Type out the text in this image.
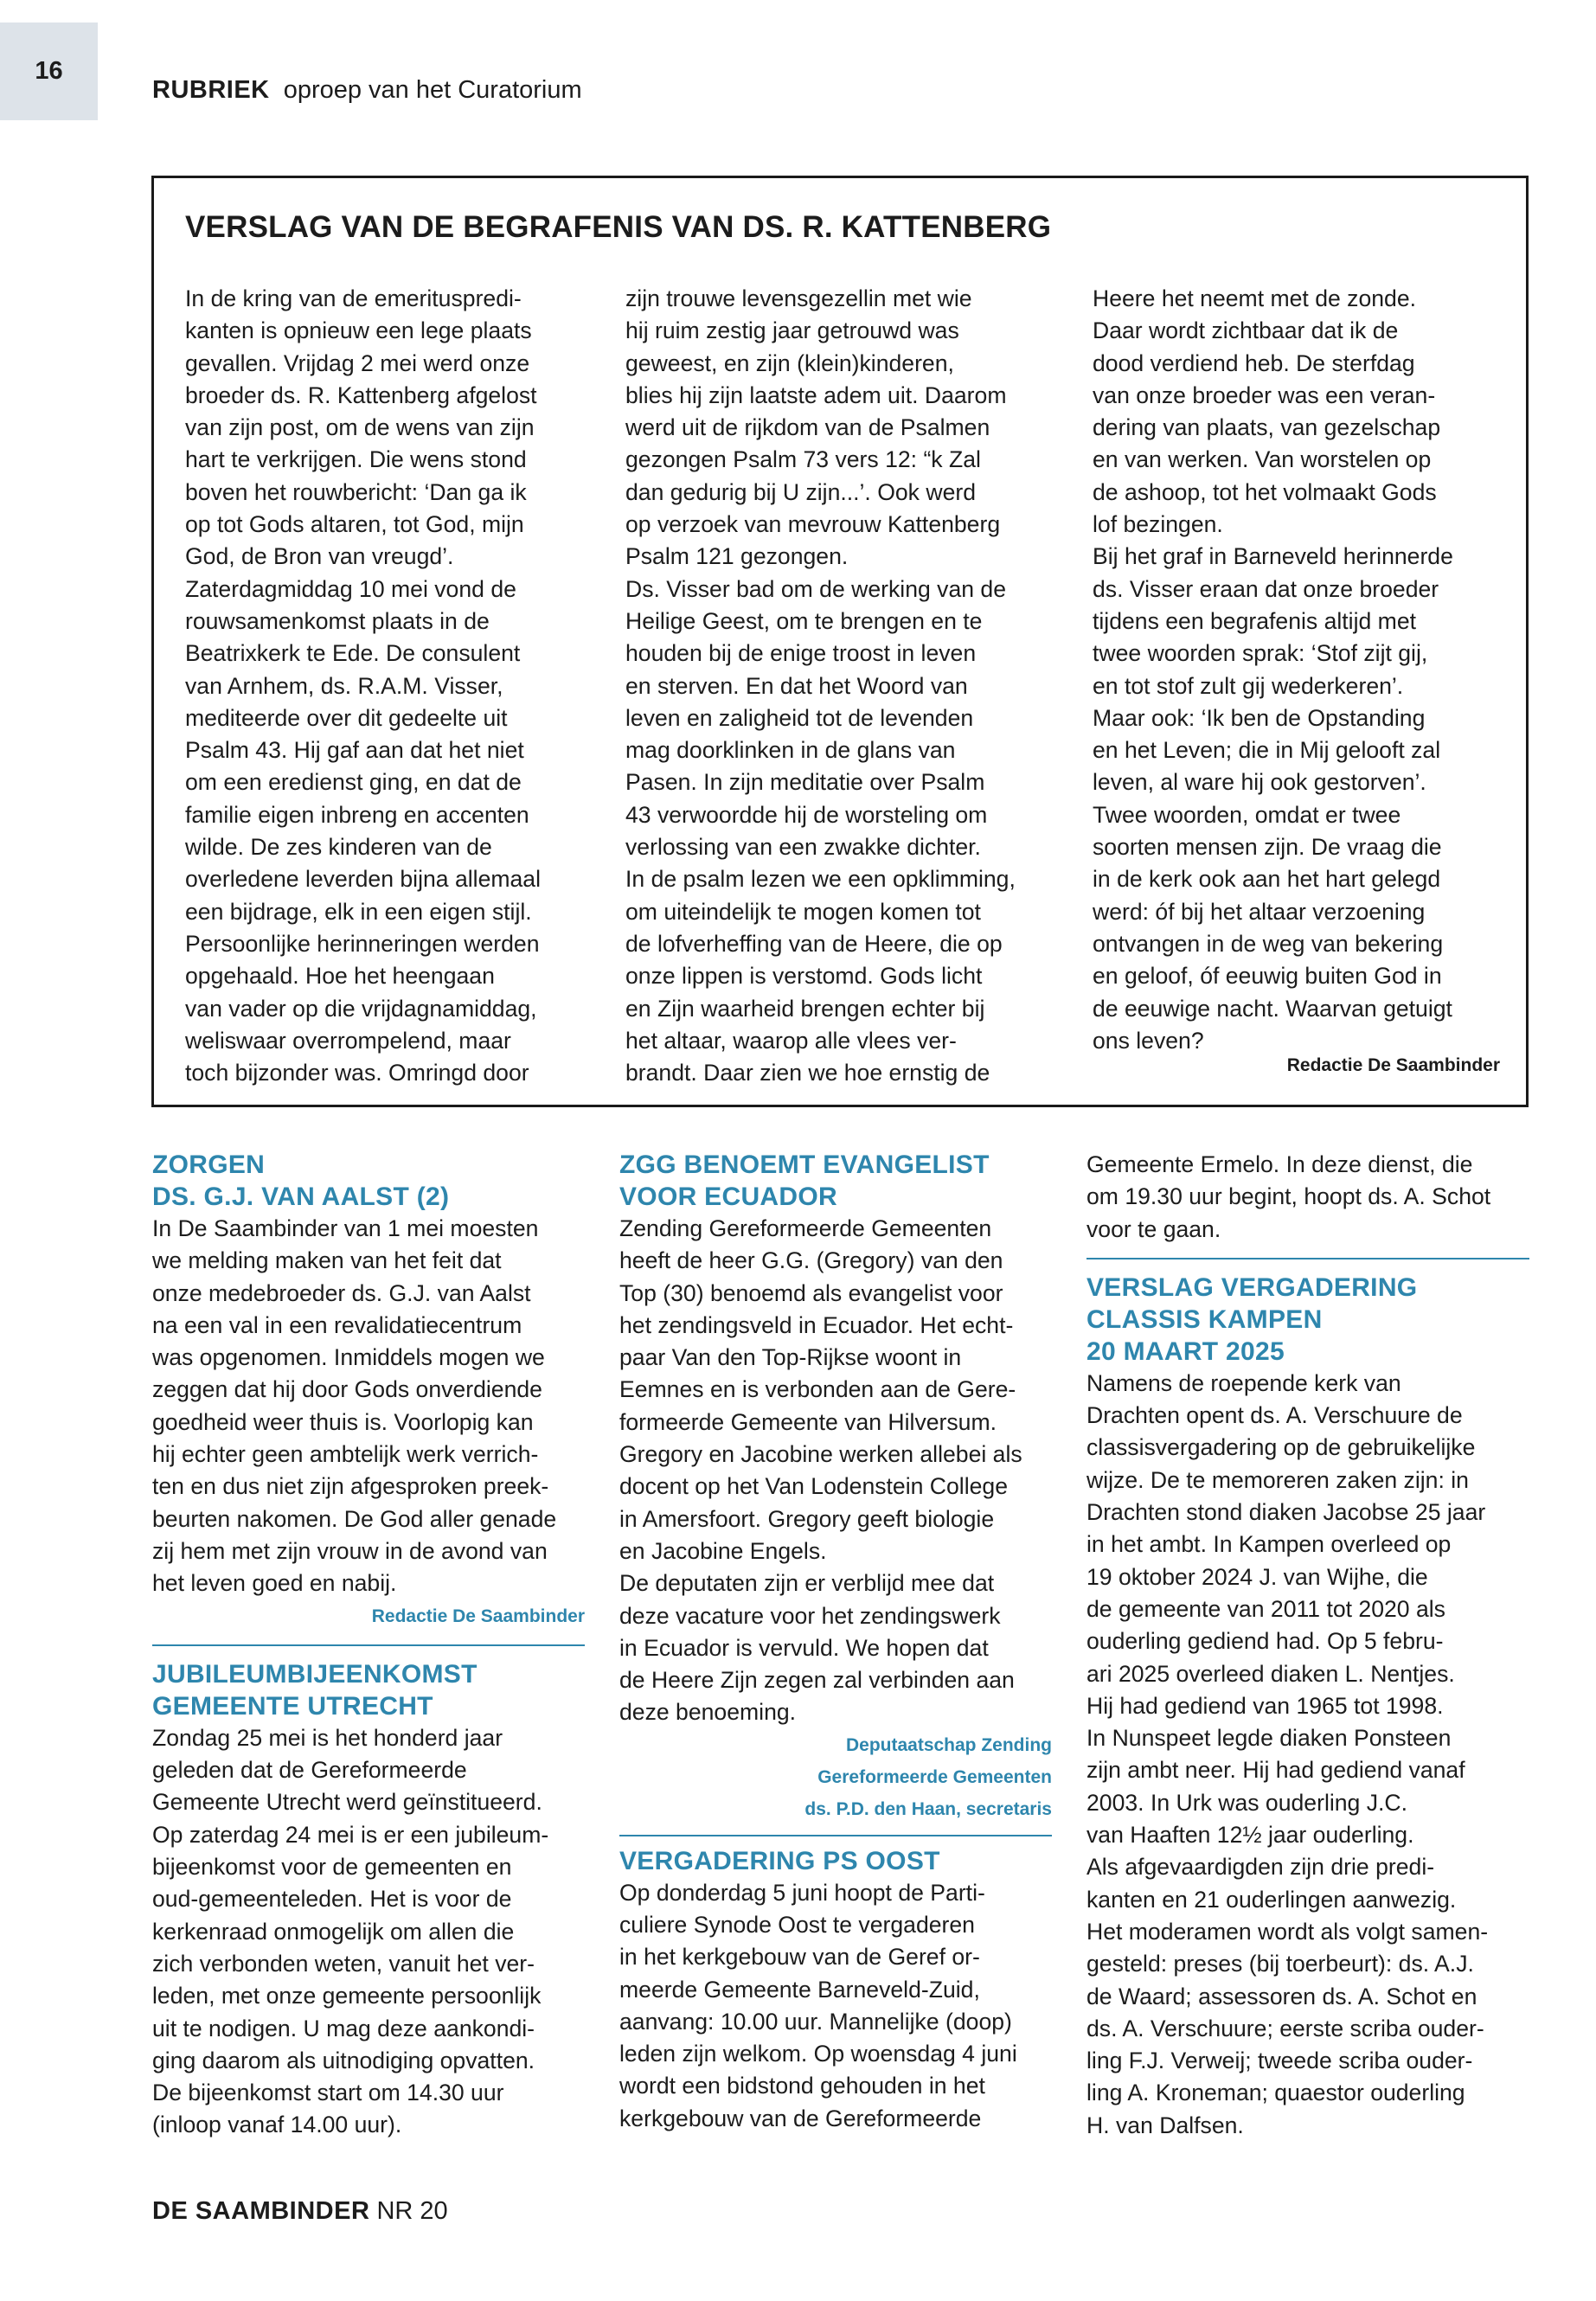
16
RUBRIEK oproep van het Curatorium
VERSLAG VAN DE BEGRAFENIS VAN DS. R. KATTENBERG
In de kring van de emerituspredi-
kanten is opnieuw een lege plaats
gevallen. Vrijdag 2 mei werd onze
broeder ds. R. Kattenberg afgelost
van zijn post, om de wens van zijn
hart te verkrijgen. Die wens stond
boven het rouwbericht: ‘Dan ga ik
op tot Gods altaren, tot God, mijn
God, de Bron van vreugd’.
Zaterdagmiddag 10 mei vond de
rouwsamenkomst plaats in de
Beatrixkerk te Ede. De consulent
van Arnhem, ds. R.A.M. Visser,
mediteerde over dit gedeelte uit
Psalm 43. Hij gaf aan dat het niet
om een eredienst ging, en dat de
familie eigen inbreng en accenten
wilde. De zes kinderen van de
overledene leverden bijna allemaal
een bijdrage, elk in een eigen stijl.
Persoonlijke herinneringen werden
opgehaald. Hoe het heengaan
van vader op die vrijdagnamiddag,
weliswaar overrompelend, maar
toch bijzonder was. Omringd door
zijn trouwe levensgezellin met wie
hij ruim zestig jaar getrouwd was
geweest, en zijn (klein)kinderen,
blies hij zijn laatste adem uit. Daarom
werd uit de rijkdom van de Psalmen
gezongen Psalm 73 vers 12: “k Zal
dan gedurig bij U zijn...’. Ook werd
op verzoek van mevrouw Kattenberg
Psalm 121 gezongen.
Ds. Visser bad om de werking van de
Heilige Geest, om te brengen en te
houden bij de enige troost in leven
en sterven. En dat het Woord van
leven en zaligheid tot de levenden
mag doorklinken in de glans van
Pasen. In zijn meditatie over Psalm
43 verwoordde hij de worsteling om
verlossing van een zwakke dichter.
In de psalm lezen we een opklimming,
om uiteindelijk te mogen komen tot
de lofverheffing van de Heere, die op
onze lippen is verstomd. Gods licht
en Zijn waarheid brengen echter bij
het altaar, waarop alle vlees ver-
brandt. Daar zien we hoe ernstig de
Heere het neemt met de zonde.
Daar wordt zichtbaar dat ik de
dood verdiend heb. De sterfdag
van onze broeder was een veran-
dering van plaats, van gezelschap
en van werken. Van worstelen op
de ashoop, tot het volmaakt Gods
lof bezingen.
Bij het graf in Barneveld herinnerde
ds. Visser eraan dat onze broeder
tijdens een begrafenis altijd met
twee woorden sprak: ‘Stof zijt gij,
en tot stof zult gij wederkeren’.
Maar ook: ‘Ik ben de Opstanding
en het Leven; die in Mij gelooft zal
leven, al ware hij ook gestorven’.
Twee woorden, omdat er twee
soorten mensen zijn. De vraag die
in de kerk ook aan het hart gelegd
werd: óf bij het altaar verzoening
ontvangen in de weg van bekering
en geloof, óf eeuwig buiten God in
de eeuwige nacht. Waarvan getuigt
ons leven?
Redactie De Saambinder
ZORGEN
DS. G.J. VAN AALST (2)
In De Saambinder van 1 mei moesten
we melding maken van het feit dat
onze medebroeder ds. G.J. van Aalst
na een val in een revalidatiecentrum
was opgenomen. Inmiddels mogen we
zeggen dat hij door Gods onverdiende
goedheid weer thuis is. Voorlopig kan
hij echter geen ambtelijk werk verrich-
ten en dus niet zijn afgesproken preek-
beurten nakomen. De God aller genade
zij hem met zijn vrouw in de avond van
het leven goed en nabij.
Redactie De Saambinder
JUBILEUMBIJEENKOMST
GEMEENTE UTRECHT
Zondag 25 mei is het honderd jaar
geleden dat de Gereformeerde
Gemeente Utrecht werd geïnstitueerd.
Op zaterdag 24 mei is er een jubileum-
bijeenkomst voor de gemeenten en
oud-gemeenteleden. Het is voor de
kerkenraad onmogelijk om allen die
zich verbonden weten, vanuit het ver-
leden, met onze gemeente persoonlijk
uit te nodigen. U mag deze aankondi-
ging daarom als uitnodiging opvatten.
De bijeenkomst start om 14.30 uur
(inloop vanaf 14.00 uur).
ZGG BENOEMT EVANGELIST
VOOR ECUADOR
Zending Gereformeerde Gemeenten
heeft de heer G.G. (Gregory) van den
Top (30) benoemd als evangelist voor
het zendingsveld in Ecuador. Het echt-
paar Van den Top-Rijkse woont in
Eemnes en is verbonden aan de Gere-
formeerde Gemeente van Hilversum.
Gregory en Jacobine werken allebei als
docent op het Van Lodenstein College
in Amersfoort. Gregory geeft biologie
en Jacobine Engels.
De deputaten zijn er verblijd mee dat
deze vacature voor het zendingswerk
in Ecuador is vervuld. We hopen dat
de Heere Zijn zegen zal verbinden aan
deze benoeming.
Deputaatschap Zending
Gereformeerde Gemeenten
ds. P.D. den Haan, secretaris
VERGADERING PS OOST
Op donderdag 5 juni hoopt de Parti-
culiere Synode Oost te vergaderen
in het kerkgebouw van de Geref or-
meerde Gemeente Barneveld-Zuid,
aanvang: 10.00 uur. Mannelijke (doop)
leden zijn welkom. Op woensdag 4 juni
wordt een bidstond gehouden in het
kerkgebouw van de Gereformeerde
Gemeente Ermelo. In deze dienst, die
om 19.30 uur begint, hoopt ds. A. Schot
voor te gaan.
VERSLAG VERGADERING
CLASSIS KAMPEN
20 MAART 2025
Namens de roepende kerk van
Drachten opent ds. A. Verschuure de
classisvergadering op de gebruikelijke
wijze. De te memoreren zaken zijn: in
Drachten stond diaken Jacobse 25 jaar
in het ambt. In Kampen overleed op
19 oktober 2024 J. van Wijhe, die
de gemeente van 2011 tot 2020 als
ouderling gediend had. Op 5 febru-
ari 2025 overleed diaken L. Nentjes.
Hij had gediend van 1965 tot 1998.
In Nunspeet legde diaken Ponsteen
zijn ambt neer. Hij had gediend vanaf
2003. In Urk was ouderling J.C.
van Haaften 12½ jaar ouderling.
Als afgevaardigden zijn drie predi-
kanten en 21 ouderlingen aanwezig.
Het moderamen wordt als volgt samen-
gesteld: preses (bij toerbeurt): ds. A.J.
de Waard; assessoren ds. A. Schot en
ds. A. Verschuure; eerste scriba ouder-
ling F.J. Verweij; tweede scriba ouder-
ling A. Kroneman; quaestor ouderling
H. van Dalfsen.
DE SAAMBINDER NR 20
